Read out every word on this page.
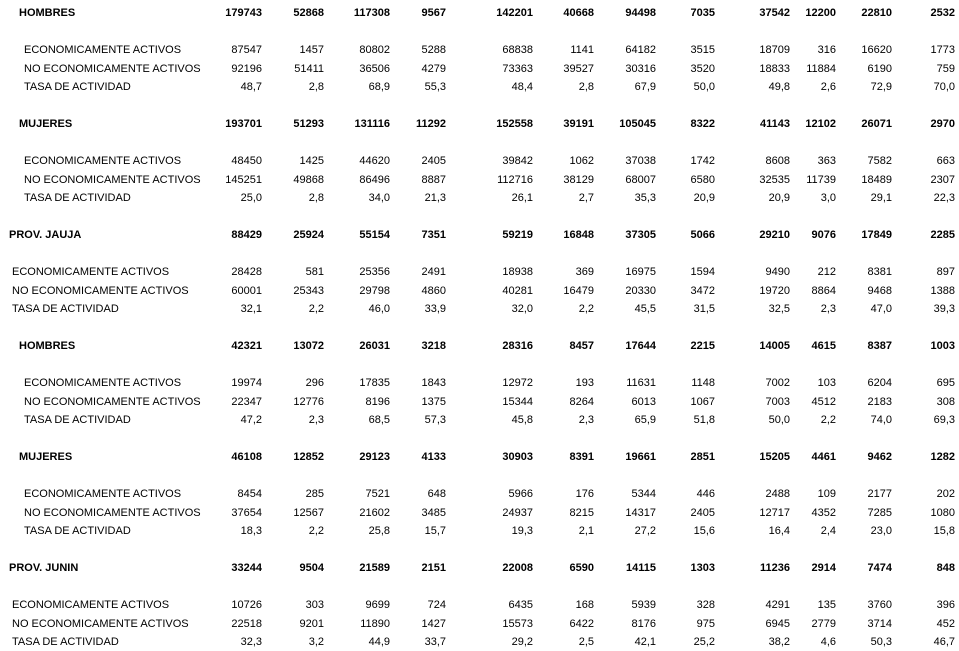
HOMBRES	179743	52868	117308	9567	142201	40668	94498	7035	37542	12200	22810	2532
ECONOMICAMENTE ACTIVOS	87547	1457	80802	5288	68838	1141	64182	3515	18709	316	16620	1773
NO ECONOMICAMENTE ACTIVOS	92196	51411	36506	4279	73363	39527	30316	3520	18833	11884	6190	759
TASA DE ACTIVIDAD	48,7	2,8	68,9	55,3	48,4	2,8	67,9	50,0	49,8	2,6	72,9	70,0
MUJERES	193701	51293	131116	11292	152558	39191	105045	8322	41143	12102	26071	2970
ECONOMICAMENTE ACTIVOS	48450	1425	44620	2405	39842	1062	37038	1742	8608	363	7582	663
NO ECONOMICAMENTE ACTIVOS	145251	49868	86496	8887	112716	38129	68007	6580	32535	11739	18489	2307
TASA DE ACTIVIDAD	25,0	2,8	34,0	21,3	26,1	2,7	35,3	20,9	20,9	3,0	29,1	22,3
PROV. JAUJA	88429	25924	55154	7351	59219	16848	37305	5066	29210	9076	17849	2285
ECONOMICAMENTE ACTIVOS	28428	581	25356	2491	18938	369	16975	1594	9490	212	8381	897
NO ECONOMICAMENTE ACTIVOS	60001	25343	29798	4860	40281	16479	20330	3472	19720	8864	9468	1388
TASA DE ACTIVIDAD	32,1	2,2	46,0	33,9	32,0	2,2	45,5	31,5	32,5	2,3	47,0	39,3
HOMBRES	42321	13072	26031	3218	28316	8457	17644	2215	14005	4615	8387	1003
ECONOMICAMENTE ACTIVOS	19974	296	17835	1843	12972	193	11631	1148	7002	103	6204	695
NO ECONOMICAMENTE ACTIVOS	22347	12776	8196	1375	15344	8264	6013	1067	7003	4512	2183	308
TASA DE ACTIVIDAD	47,2	2,3	68,5	57,3	45,8	2,3	65,9	51,8	50,0	2,2	74,0	69,3
MUJERES	46108	12852	29123	4133	30903	8391	19661	2851	15205	4461	9462	1282
ECONOMICAMENTE ACTIVOS	8454	285	7521	648	5966	176	5344	446	2488	109	2177	202
NO ECONOMICAMENTE ACTIVOS	37654	12567	21602	3485	24937	8215	14317	2405	12717	4352	7285	1080
TASA DE ACTIVIDAD	18,3	2,2	25,8	15,7	19,3	2,1	27,2	15,6	16,4	2,4	23,0	15,8
PROV. JUNIN	33244	9504	21589	2151	22008	6590	14115	1303	11236	2914	7474	848
ECONOMICAMENTE ACTIVOS	10726	303	9699	724	6435	168	5939	328	4291	135	3760	396
NO ECONOMICAMENTE ACTIVOS	22518	9201	11890	1427	15573	6422	8176	975	6945	2779	3714	452
TASA DE ACTIVIDAD	32,3	3,2	44,9	33,7	29,2	2,5	42,1	25,2	38,2	4,6	50,3	46,7
